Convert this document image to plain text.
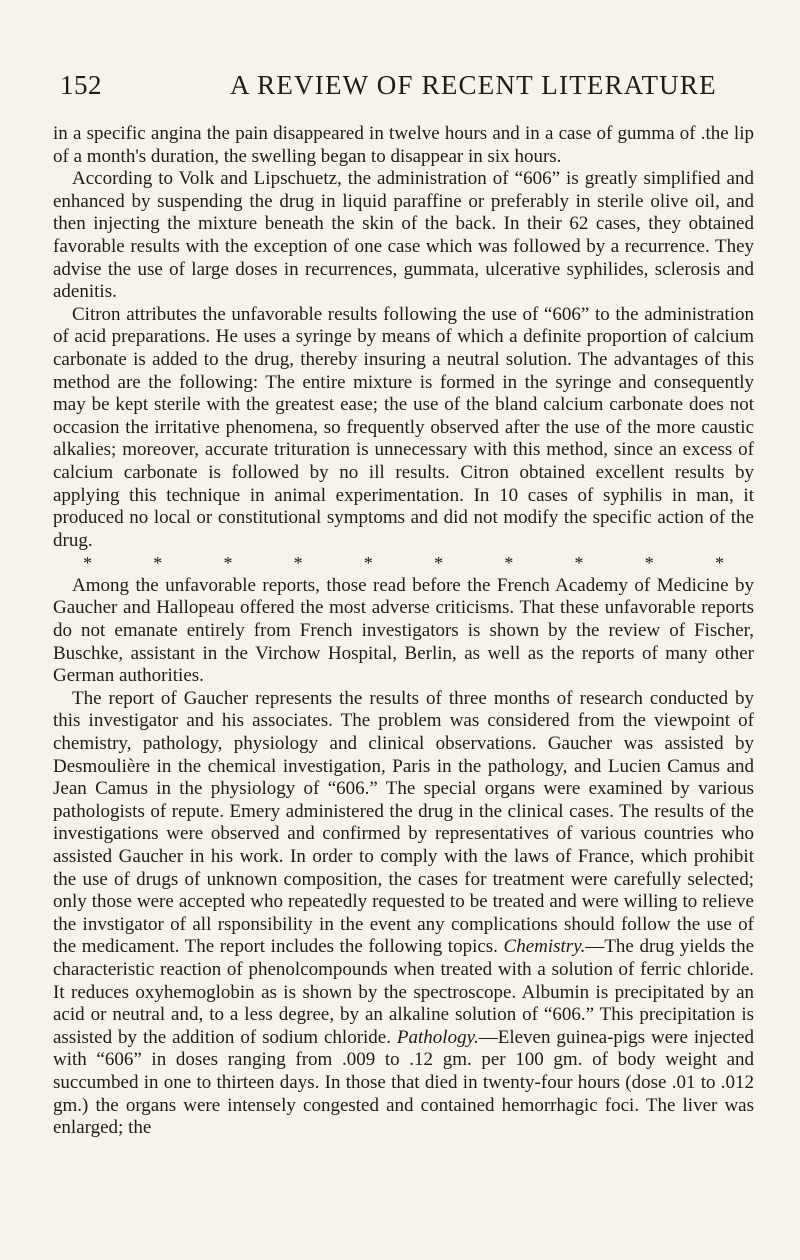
152	A REVIEW OF RECENT LITERATURE

in a specific angina the pain disappeared in twelve hours and in a case of gumma of .the lip of a month's duration, the swelling began to disappear in six hours.

According to Volk and Lipschuetz, the administration of “606” is greatly simplified and enhanced by suspending the drug in liquid paraffine or preferably in sterile olive oil, and then injecting the mixture beneath the skin of the back. In their 62 cases, they obtained favorable results with the exception of one case which was followed by a recurrence. They advise the use of large doses in recurrences, gummata, ulcerative syphilides, sclerosis and adenitis.

Citron attributes the unfavorable results following the use of “606” to the administration of acid preparations. He uses a syringe by means of which a definite proportion of calcium carbonate is added to the drug, thereby insuring a neutral solution. The advantages of this method are the following: The entire mixture is formed in the syringe and consequently may be kept sterile with the greatest ease; the use of the bland calcium carbonate does not occasion the irritative phenomena, so frequently observed after the use of the more caustic alkalies; moreover, accurate trituration is unnecessary with this method, since an excess of calcium carbonate is followed by no ill results. Citron obtained excellent results by applying this technique in animal experimentation. In 10 cases of syphilis in man, it produced no local or constitutional symptoms and did not modify the specific action of the drug.

*	*	*	*	*	*	*	*	*	*

Among the unfavorable reports, those read before the French Academy of Medicine by Gaucher and Hallopeau offered the most adverse criticisms. That these unfavorable reports do not emanate entirely from French investigators is shown by the review of Fischer, Buschke, assistant in the Virchow Hospital, Berlin, as well as the reports of many other German authorities.

The report of Gaucher represents the results of three months of research conducted by this investigator and his associates. The problem was considered from the viewpoint of chemistry, pathology, physiology and clinical observations. Gaucher was assisted by Desmoulière in the chemical investigation, Paris in the pathology, and Lucien Camus and Jean Camus in the physiology of “606.” The special organs were examined by various pathologists of repute. Emery administered the drug in the clinical cases. The results of the investigations were observed and confirmed by representatives of various countries who assisted Gaucher in his work. In order to comply with the laws of France, which prohibit the use of drugs of unknown composition, the cases for treatment were carefully selected; only those were accepted who repeatedly requested to be treated and were willing to relieve the invstigator of all rsponsibility in the event any complications should follow the use of the medicament. The report includes the following topics. Chemistry.—The drug yields the characteristic reaction of phenolcompounds when treated with a solution of ferric chloride. It reduces oxyhemoglobin as is shown by the spectroscope. Albumin is precipitated by an acid or neutral and, to a less degree, by an alkaline solution of “606.” This precipitation is assisted by the addition of sodium chloride. Pathology.—Eleven guinea-pigs were injected with “606” in doses ranging from .009 to .12 gm. per 100 gm. of body weight and succumbed in one to thirteen days. In those that died in twenty-four hours (dose .01 to .012 gm.) the organs were intensely congested and contained hemorrhagic foci. The liver was enlarged; the
